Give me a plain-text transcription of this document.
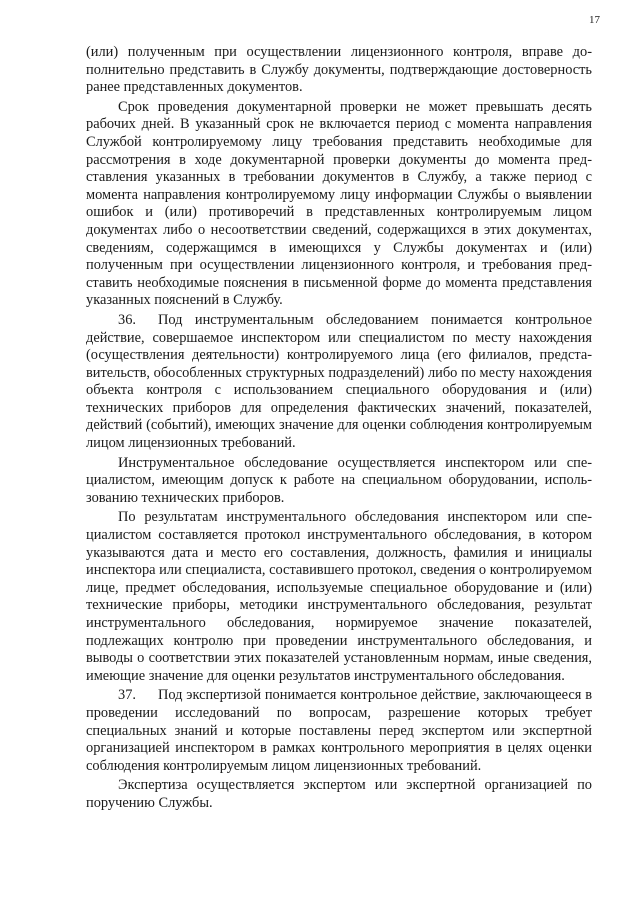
17

(или) полученным при осуществлении лицензионного контроля, вправе дополнительно представить в Службу документы, подтверждающие достоверность ранее представленных документов.

Срок проведения документарной проверки не может превышать десять рабочих дней. В указанный срок не включается период с момента направления Службой контролируемому лицу требования представить необходимые для рассмотрения в ходе документарной проверки документы до момента представления указанных в требовании документов в Службу, а также период с момента направления контролируемому лицу информации Службы о выявлении ошибок и (или) противоречий в представленных контролируемым лицом документах либо о несоответствии сведений, содержащихся в этих документах, сведениям, содержащимся в имеющихся у Службы документах и (или) полученным при осуществлении лицензионного контроля, и требования представить необходимые пояснения в письменной форме до момента представления указанных пояснений в Службу.

36. Под инструментальным обследованием понимается контрольное действие, совершаемое инспектором или специалистом по месту нахождения (осуществления деятельности) контролируемого лица (его филиалов, представительств, обособленных структурных подразделений) либо по месту нахождения объекта контроля с использованием специального оборудования и (или) технических приборов для определения фактических значений, показателей, действий (событий), имеющих значение для оценки соблюдения контролируемым лицом лицензионных требований.

Инструментальное обследование осуществляется инспектором или специалистом, имеющим допуск к работе на специальном оборудовании, использованию технических приборов.

По результатам инструментального обследования инспектором или специалистом составляется протокол инструментального обследования, в котором указываются дата и место его составления, должность, фамилия и инициалы инспектора или специалиста, составившего протокол, сведения о контролируемом лице, предмет обследования, используемые специальное оборудование и (или) технические приборы, методики инструментального обследования, результат инструментального обследования, нормируемое значение показателей, подлежащих контролю при проведении инструментального обследования, и выводы о соответствии этих показателей установленным нормам, иные сведения, имеющие значение для оценки результатов инструментального обследования.

37. Под экспертизой понимается контрольное действие, заключающееся в проведении исследований по вопросам, разрешение которых требует специальных знаний и которые поставлены перед экспертом или экспертной организацией инспектором в рамках контрольного мероприятия в целях оценки соблюдения контролируемым лицом лицензионных требований.

Экспертиза осуществляется экспертом или экспертной организацией по поручению Службы.
